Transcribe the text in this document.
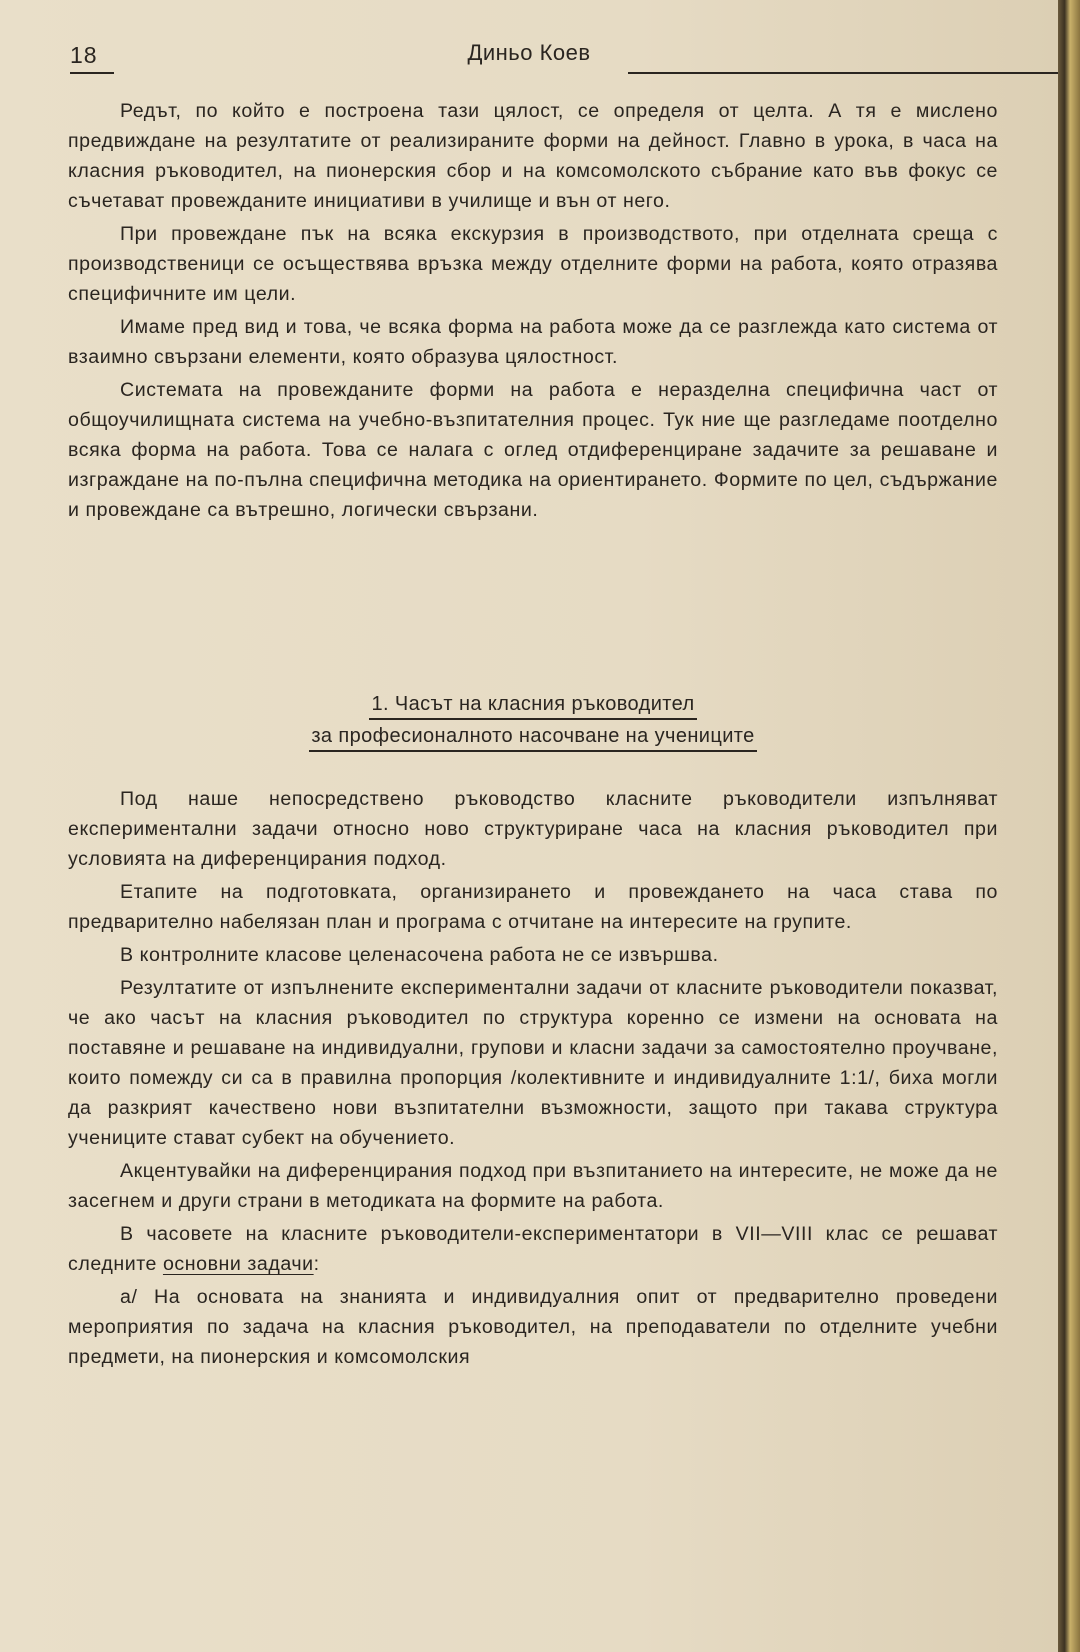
18	Диньо Коев

Редът, по който е построена тази цялост, се определя от целта. А тя е мислено предвиждане на резултатите от реализираните форми на дейност. Главно в урока, в часа на класния ръководител, на пионерския сбор и на комсомолското събрание като във фокус се съчетават провежданите инициативи в училище и вън от него.

При провеждане пък на всяка екскурзия в производството, при отделната среща с производственици се осъществява връзка между отделните форми на работа, която отразява специфичните им цели.

Имаме пред вид и това, че всяка форма на работа може да се разглежда като система от взаимно свързани елементи, която образува цялостност.

Системата на провежданите форми на работа е неразделна специфична част от общоучилищната система на учебно-възпитателния процес. Тук ние ще разгледаме поотделно всяка форма на работа. Това се налага с оглед отдиференциране задачите за решаване и изграждане на по-пълна специфична методика на ориентирането. Формите по цел, съдържание и провеждане са вътрешно, логически свързани.

1. Часът на класния ръководител
за професионалното насочване на учениците

Под наше непосредствено ръководство класните ръководители изпълняват експериментални задачи относно ново структуриране часа на класния ръководител при условията на диференцирания подход.

Етапите на подготовката, организирането и провеждането на часа става по предварително набелязан план и програма с отчитане на интересите на групите.

В контролните класове целенасочена работа не се извършва.

Резултатите от изпълнените експериментални задачи от класните ръководители показват, че ако часът на класния ръководител по структура коренно се измени на основата на поставяне и решаване на индивидуални, групови и класни задачи за самостоятелно проучване, които помежду си са в правилна пропорция /колективните и индивидуалните 1:1/, биха могли да разкрият качествено нови възпитателни възможности, защото при такава структура учениците стават субект на обучението.

Акцентувайки на диференцирания подход при възпитанието на интересите, не може да не засегнем и други страни в методиката на формите на работа.

В часовете на класните ръководители-експериментатори в VII—VIII клас се решават следните основни задачи:

а/ На основата на знанията и индивидуалния опит от предварително проведени мероприятия по задача на класния ръководител, на преподаватели по отделните учебни предмети, на пионерския и комсомолския
